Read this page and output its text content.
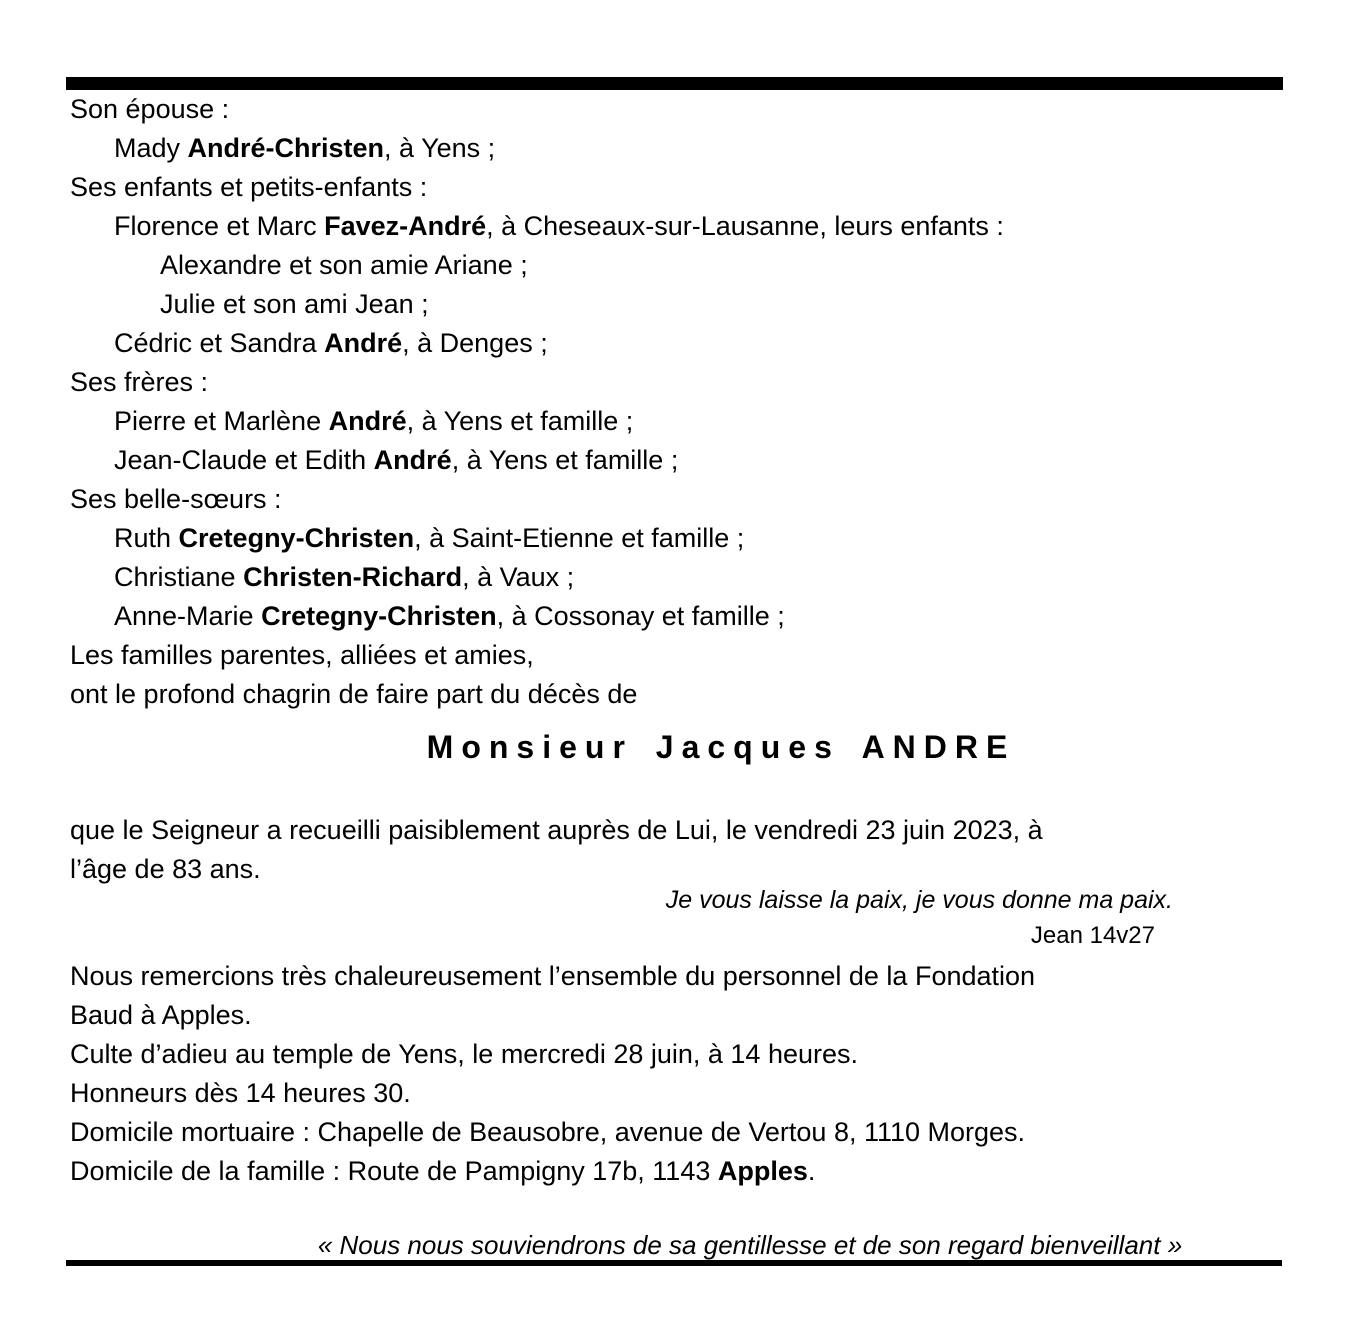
Son épouse :
Mady André-Christen, à Yens ;
Ses enfants et petits-enfants :
Florence et Marc Favez-André, à Cheseaux-sur-Lausanne, leurs enfants :
Alexandre et son amie Ariane ;
Julie et son ami Jean ;
Cédric et Sandra André, à Denges ;
Ses frères :
Pierre et Marlène André, à Yens et famille ;
Jean-Claude et Edith André, à Yens et famille ;
Ses belle-sœurs :
Ruth Cretegny-Christen, à Saint-Etienne et famille ;
Christiane Christen-Richard, à Vaux ;
Anne-Marie Cretegny-Christen, à Cossonay et famille ;
Les familles parentes, alliées et amies,
ont le profond chagrin de faire part du décès de
Monsieur Jacques ANDRE
que le Seigneur a recueilli paisiblement auprès de Lui, le vendredi 23 juin 2023, à
l’âge de 83 ans.
Je vous laisse la paix, je vous donne ma paix.
Jean 14v27
Nous remercions très chaleureusement l’ensemble du personnel de la Fondation
Baud à Apples.
Culte d’adieu au temple de Yens, le mercredi 28 juin, à 14 heures.
Honneurs dès 14 heures 30.
Domicile mortuaire : Chapelle de Beausobre, avenue de Vertou 8, 1110 Morges.
Domicile de la famille : Route de Pampigny 17b, 1143 Apples.
« Nous nous souviendrons de sa gentillesse et de son regard bienveillant »
